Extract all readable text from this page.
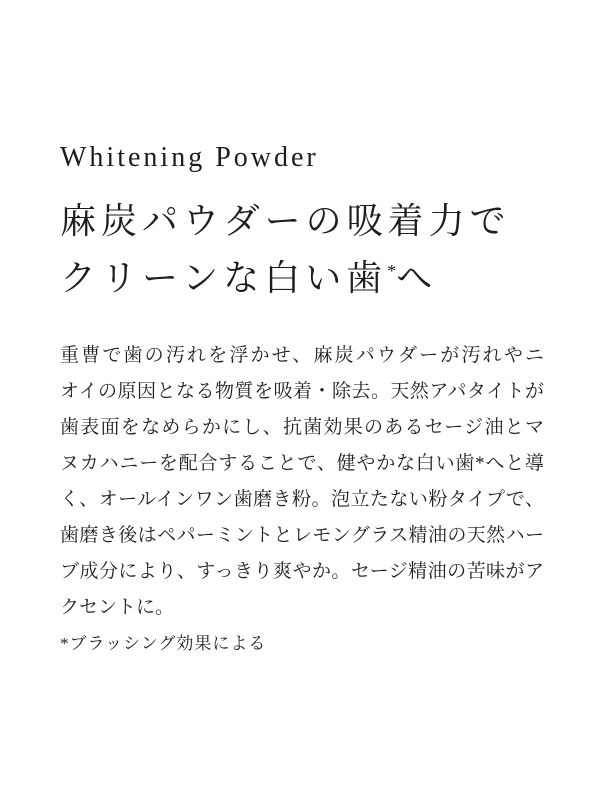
Whitening Powder
麻炭パウダーの吸着力で
クリーンな白い歯*へ
重曹で歯の汚れを浮かせ、麻炭パウダーが汚れやニ
オイの原因となる物質を吸着・除去。天然アパタイトが
歯表面をなめらかにし、抗菌効果のあるセージ油とマ
ヌカハニーを配合することで、健やかな白い歯*へと導
く、オールインワン歯磨き粉。泡立たない粉タイプで、
歯磨き後はペパーミントとレモングラス精油の天然ハー
ブ成分により、すっきり爽やか。セージ精油の苦味がア
クセントに。

*ブラッシング効果による
